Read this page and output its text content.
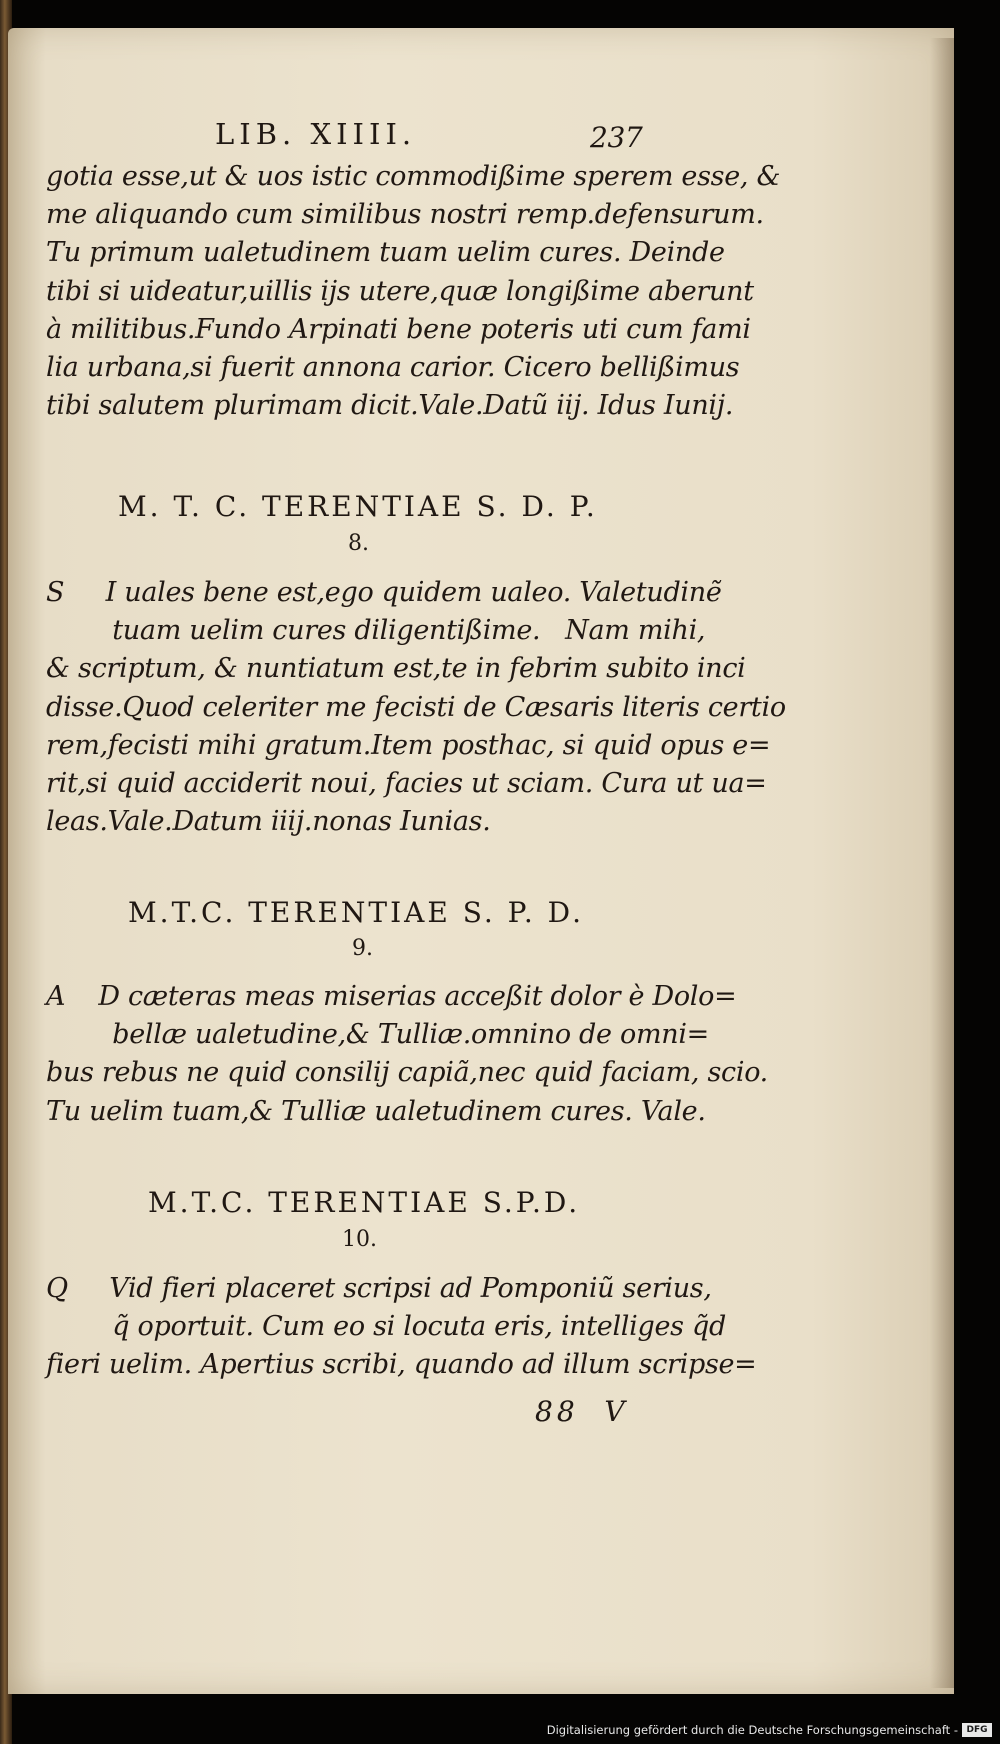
LIB. XIIII.	237
gotia esse,ut & uos istic commodißime sperem esse, &
me aliquando cum similibus nostri remp.defensurum.
Tu primum ualetudinem tuam uelim cures. Deinde
tibi si uideatur,uillis ijs utere,quæ longißime aberunt
à militibus.Fundo Arpinati bene poteris uti cum fami
lia urbana,si fuerit annona carior. Cicero bellißimus
tibi salutem plurimam dicit.Vale.Datũ iij. Idus Iunij.
M. T. C. TERENTIAE S. D. P.
8.
S     I uales bene est,ego quidem ualeo. Valetudinẽ
tuam uelim cures diligentißime.   Nam mihi,
& scriptum, & nuntiatum est,te in febrim subito inci
disse.Quod celeriter me fecisti de Cæsaris literis certio
rem,fecisti mihi gratum.Item posthac, si quid opus e=
rit,si quid acciderit noui, facies ut sciam. Cura ut ua=
leas.Vale.Datum iiij.nonas Iunias.
M.T.C. TERENTIAE S. P. D.
9.
A    D cæteras meas miserias acceßit dolor è Dolo=
bellæ ualetudine,& Tulliæ.omnino de omni=
bus rebus ne quid consilij capiã,nec quid faciam, scio.
Tu uelim tuam,& Tulliæ ualetudinem cures. Vale.
M.T.C. TERENTIAE S.P.D.
10.
Q     Vid fieri placeret scripsi ad Pomponiũ serius,
q̃ oportuit. Cum eo si locuta eris, intelliges q̃d
fieri uelim. Apertius scribi, quando ad illum scripse=
88  V
Digitalisierung gefördert durch die Deutsche Forschungsgemeinschaft - DFG
